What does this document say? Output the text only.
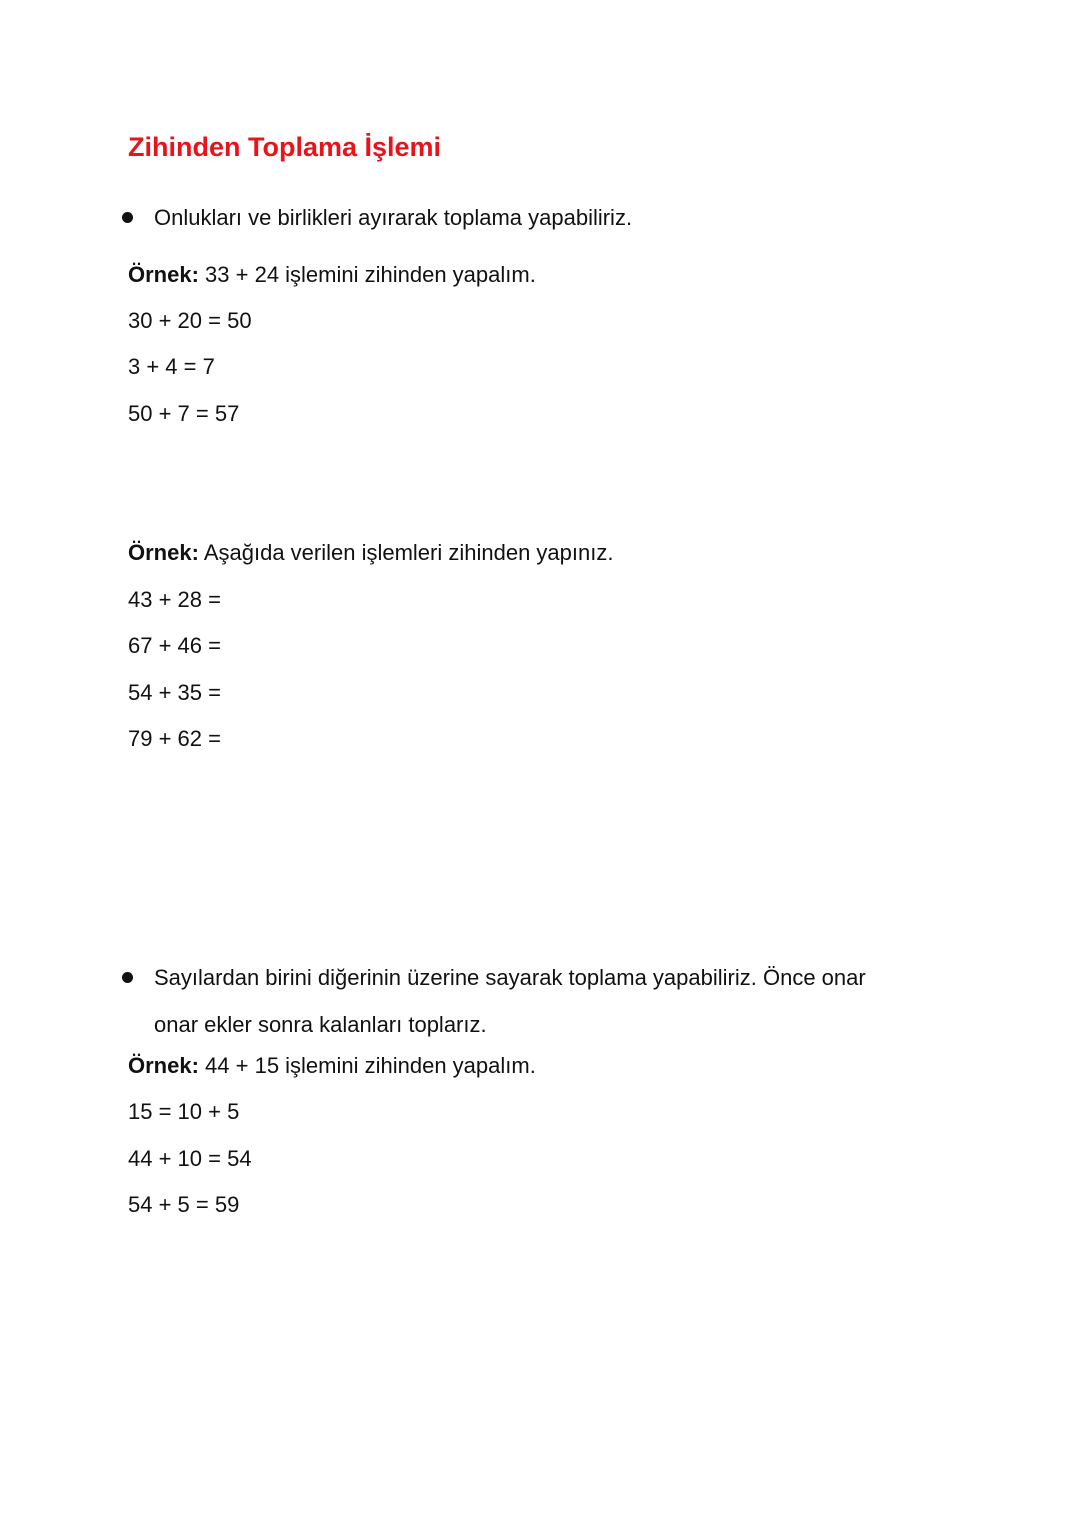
Zihinden Toplama İşlemi
Onlukları ve birlikleri ayırarak toplama yapabiliriz.
Örnek: 33 + 24 işlemini zihinden yapalım.
30 + 20 = 50
3 + 4 = 7
50 + 7 = 57
Örnek: Aşağıda verilen işlemleri zihinden yapınız.
43 + 28 =
67 + 46 =
54 + 35 =
79 + 62 =
Sayılardan birini diğerinin üzerine sayarak toplama yapabiliriz. Önce onar
onar ekler sonra kalanları toplarız.
Örnek: 44 + 15 işlemini zihinden yapalım.
15 = 10 + 5
44 + 10 = 54
54 + 5 = 59
